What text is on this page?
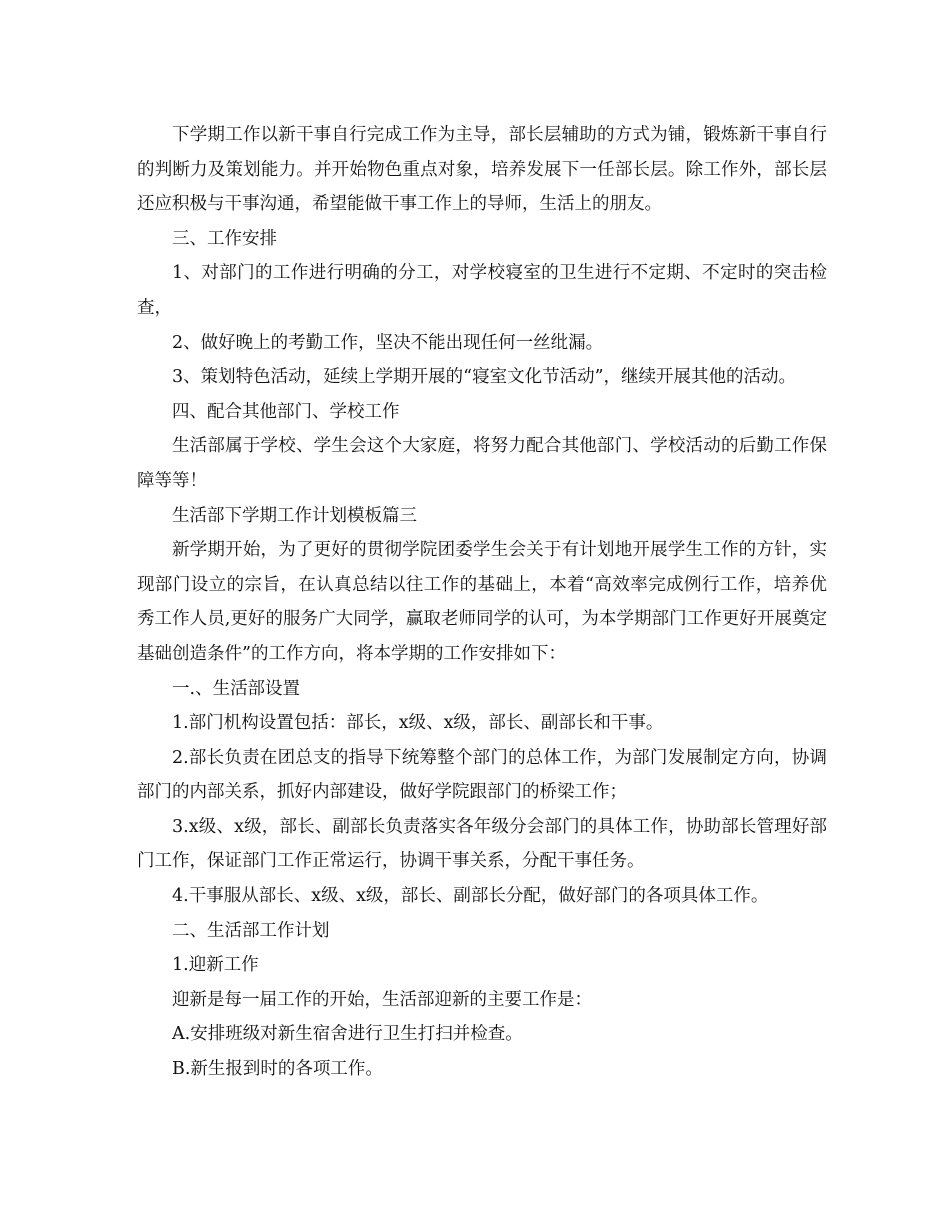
下学期工作以新干事自行完成工作为主导，部长层辅助的方式为铺，锻炼新干事自行的判断力及策划能力。并开始物色重点对象，培养发展下一任部长层。除工作外，部长层还应积极与干事沟通，希望能做干事工作上的导师，生活上的朋友。

三、工作安排

1、对部门的工作进行明确的分工，对学校寝室的卫生进行不定期、不定时的突击检查，

2、做好晚上的考勤工作，坚决不能出现任何一丝纰漏。

3、策划特色活动，延续上学期开展的“寝室文化节活动”，继续开展其他的活动。

四、配合其他部门、学校工作

生活部属于学校、学生会这个大家庭，将努力配合其他部门、学校活动的后勤工作保障等等！

生活部下学期工作计划模板篇三

新学期开始，为了更好的贯彻学院团委学生会关于有计划地开展学生工作的方针，实现部门设立的宗旨，在认真总结以往工作的基础上，本着“高效率完成例行工作，培养优秀工作人员,更好的服务广大同学，赢取老师同学的认可，为本学期部门工作更好开展奠定基础创造条件”的工作方向，将本学期的工作安排如下：

一.、生活部设置

1.部门机构设置包括：部长，x级、x级，部长、副部长和干事。

2.部长负责在团总支的指导下统筹整个部门的总体工作，为部门发展制定方向，协调部门的内部关系，抓好内部建设，做好学院跟部门的桥梁工作；

3.x级、x级，部长、副部长负责落实各年级分会部门的具体工作，协助部长管理好部门工作，保证部门工作正常运行，协调干事关系，分配干事任务。

4.干事服从部长、x级、x级，部长、副部长分配，做好部门的各项具体工作。

二、生活部工作计划

1.迎新工作

迎新是每一届工作的开始，生活部迎新的主要工作是：

A.安排班级对新生宿舍进行卫生打扫并检查。

B.新生报到时的各项工作。
